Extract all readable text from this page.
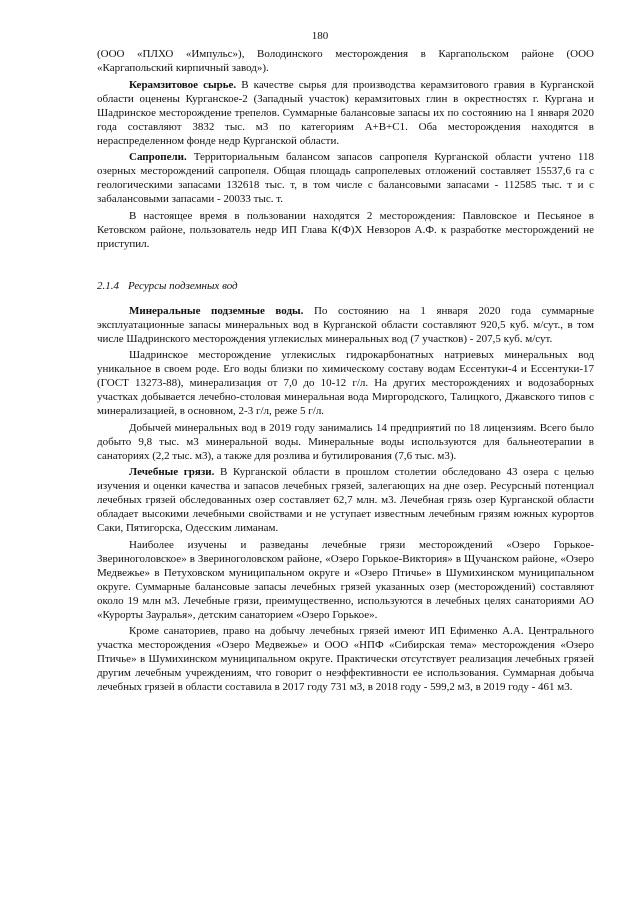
180

(ООО «ПЛХО «Импульс»), Володинского месторождения в Каргапольском районе (ООО «Каргапольский кирпичный завод»).

Керамзитовое сырье. В качестве сырья для производства керамзитового гравия в Курганской области оценены Курганское-2 (Западный участок) керамзитовых глин в окрестностях г. Кургана и Шадринское месторождение трепелов. Суммарные балансовые запасы их по состоянию на 1 января 2020 года составляют 3832 тыс. м3 по категориям А+В+С1. Оба месторождения находятся в нераспределенном фонде недр Курганской области.

Сапропели. Территориальным балансом запасов сапропеля Курганской области учтено 118 озерных месторождений сапропеля. Общая площадь сапропелевых отложений составляет 15537,6 га с геологическими запасами 132618 тыс. т, в том числе с балансовыми запасами - 112585 тыс. т и с забалансовыми запасами - 20033 тыс. т.

В настоящее время в пользовании находятся 2 месторождения: Павловское и Песьяное в Кетовском районе, пользователь недр ИП Глава К(Ф)Х Невзоров А.Ф. к разработке месторождений не приступил.

2.1.4 Ресурсы подземных вод

Минеральные подземные воды. По состоянию на 1 января 2020 года суммарные эксплуатационные запасы минеральных вод в Курганской области составляют 920,5 куб. м/сут., в том числе Шадринского месторождения углекислых минеральных вод (7 участков) - 207,5 куб. м/сут.

Шадринское месторождение углекислых гидрокарбонатных натриевых минеральных вод уникальное в своем роде. Его воды близки по химическому составу водам Ессентуки-4 и Ессентуки-17 (ГОСТ 13273-88), минерализация от 7,0 до 10-12 г/л. На других месторождениях и водозаборных участках добывается лечебно-столовая минеральная вода Миргородского, Талицкого, Джавского типов с минерализацией, в основном, 2-3 г/л, реже 5 г/л.

Добычей минеральных вод в 2019 году занимались 14 предприятий по 18 лицензиям. Всего было добыто 9,8 тыс. м3 минеральной воды. Минеральные воды используются для бальнеотерапии в санаториях (2,2 тыс. м3), а также для розлива и бутилирования (7,6 тыс. м3).

Лечебные грязи. В Курганской области в прошлом столетии обследовано 43 озера с целью изучения и оценки качества и запасов лечебных грязей, залегающих на дне озер. Ресурсный потенциал лечебных грязей обследованных озер составляет 62,7 млн. м3. Лечебная грязь озер Курганской области обладает высокими лечебными свойствами и не уступает известным лечебным грязям южных курортов Саки, Пятигорска, Одесским лиманам.

Наиболее изучены и разведаны лечебные грязи месторождений «Озеро Горькое-Звериноголовское» в Звериноголовском районе, «Озеро Горькое-Виктория» в Щучанском районе, «Озеро Медвежье» в Петуховском муниципальном округе и «Озеро Птичье» в Шумихинском муниципальном округе. Суммарные балансовые запасы лечебных грязей указанных озер (месторождений) составляют около 19 млн м3. Лечебные грязи, преимущественно, используются в лечебных целях санаториями АО «Курорты Зауралья», детским санаторием «Озеро Горькое».

Кроме санаториев, право на добычу лечебных грязей имеют ИП Ефименко А.А. Центрального участка месторождения «Озеро Медвежье» и ООО «НПФ «Сибирская тема» месторождения «Озеро Птичье» в Шумихинском муниципальном округе. Практически отсутствует реализация лечебных грязей другим лечебным учреждениям, что говорит о неэффективности ее использования. Суммарная добыча лечебных грязей в области составила в 2017 году 731 м3, в 2018 году - 599,2 м3, в 2019 году - 461 м3.
